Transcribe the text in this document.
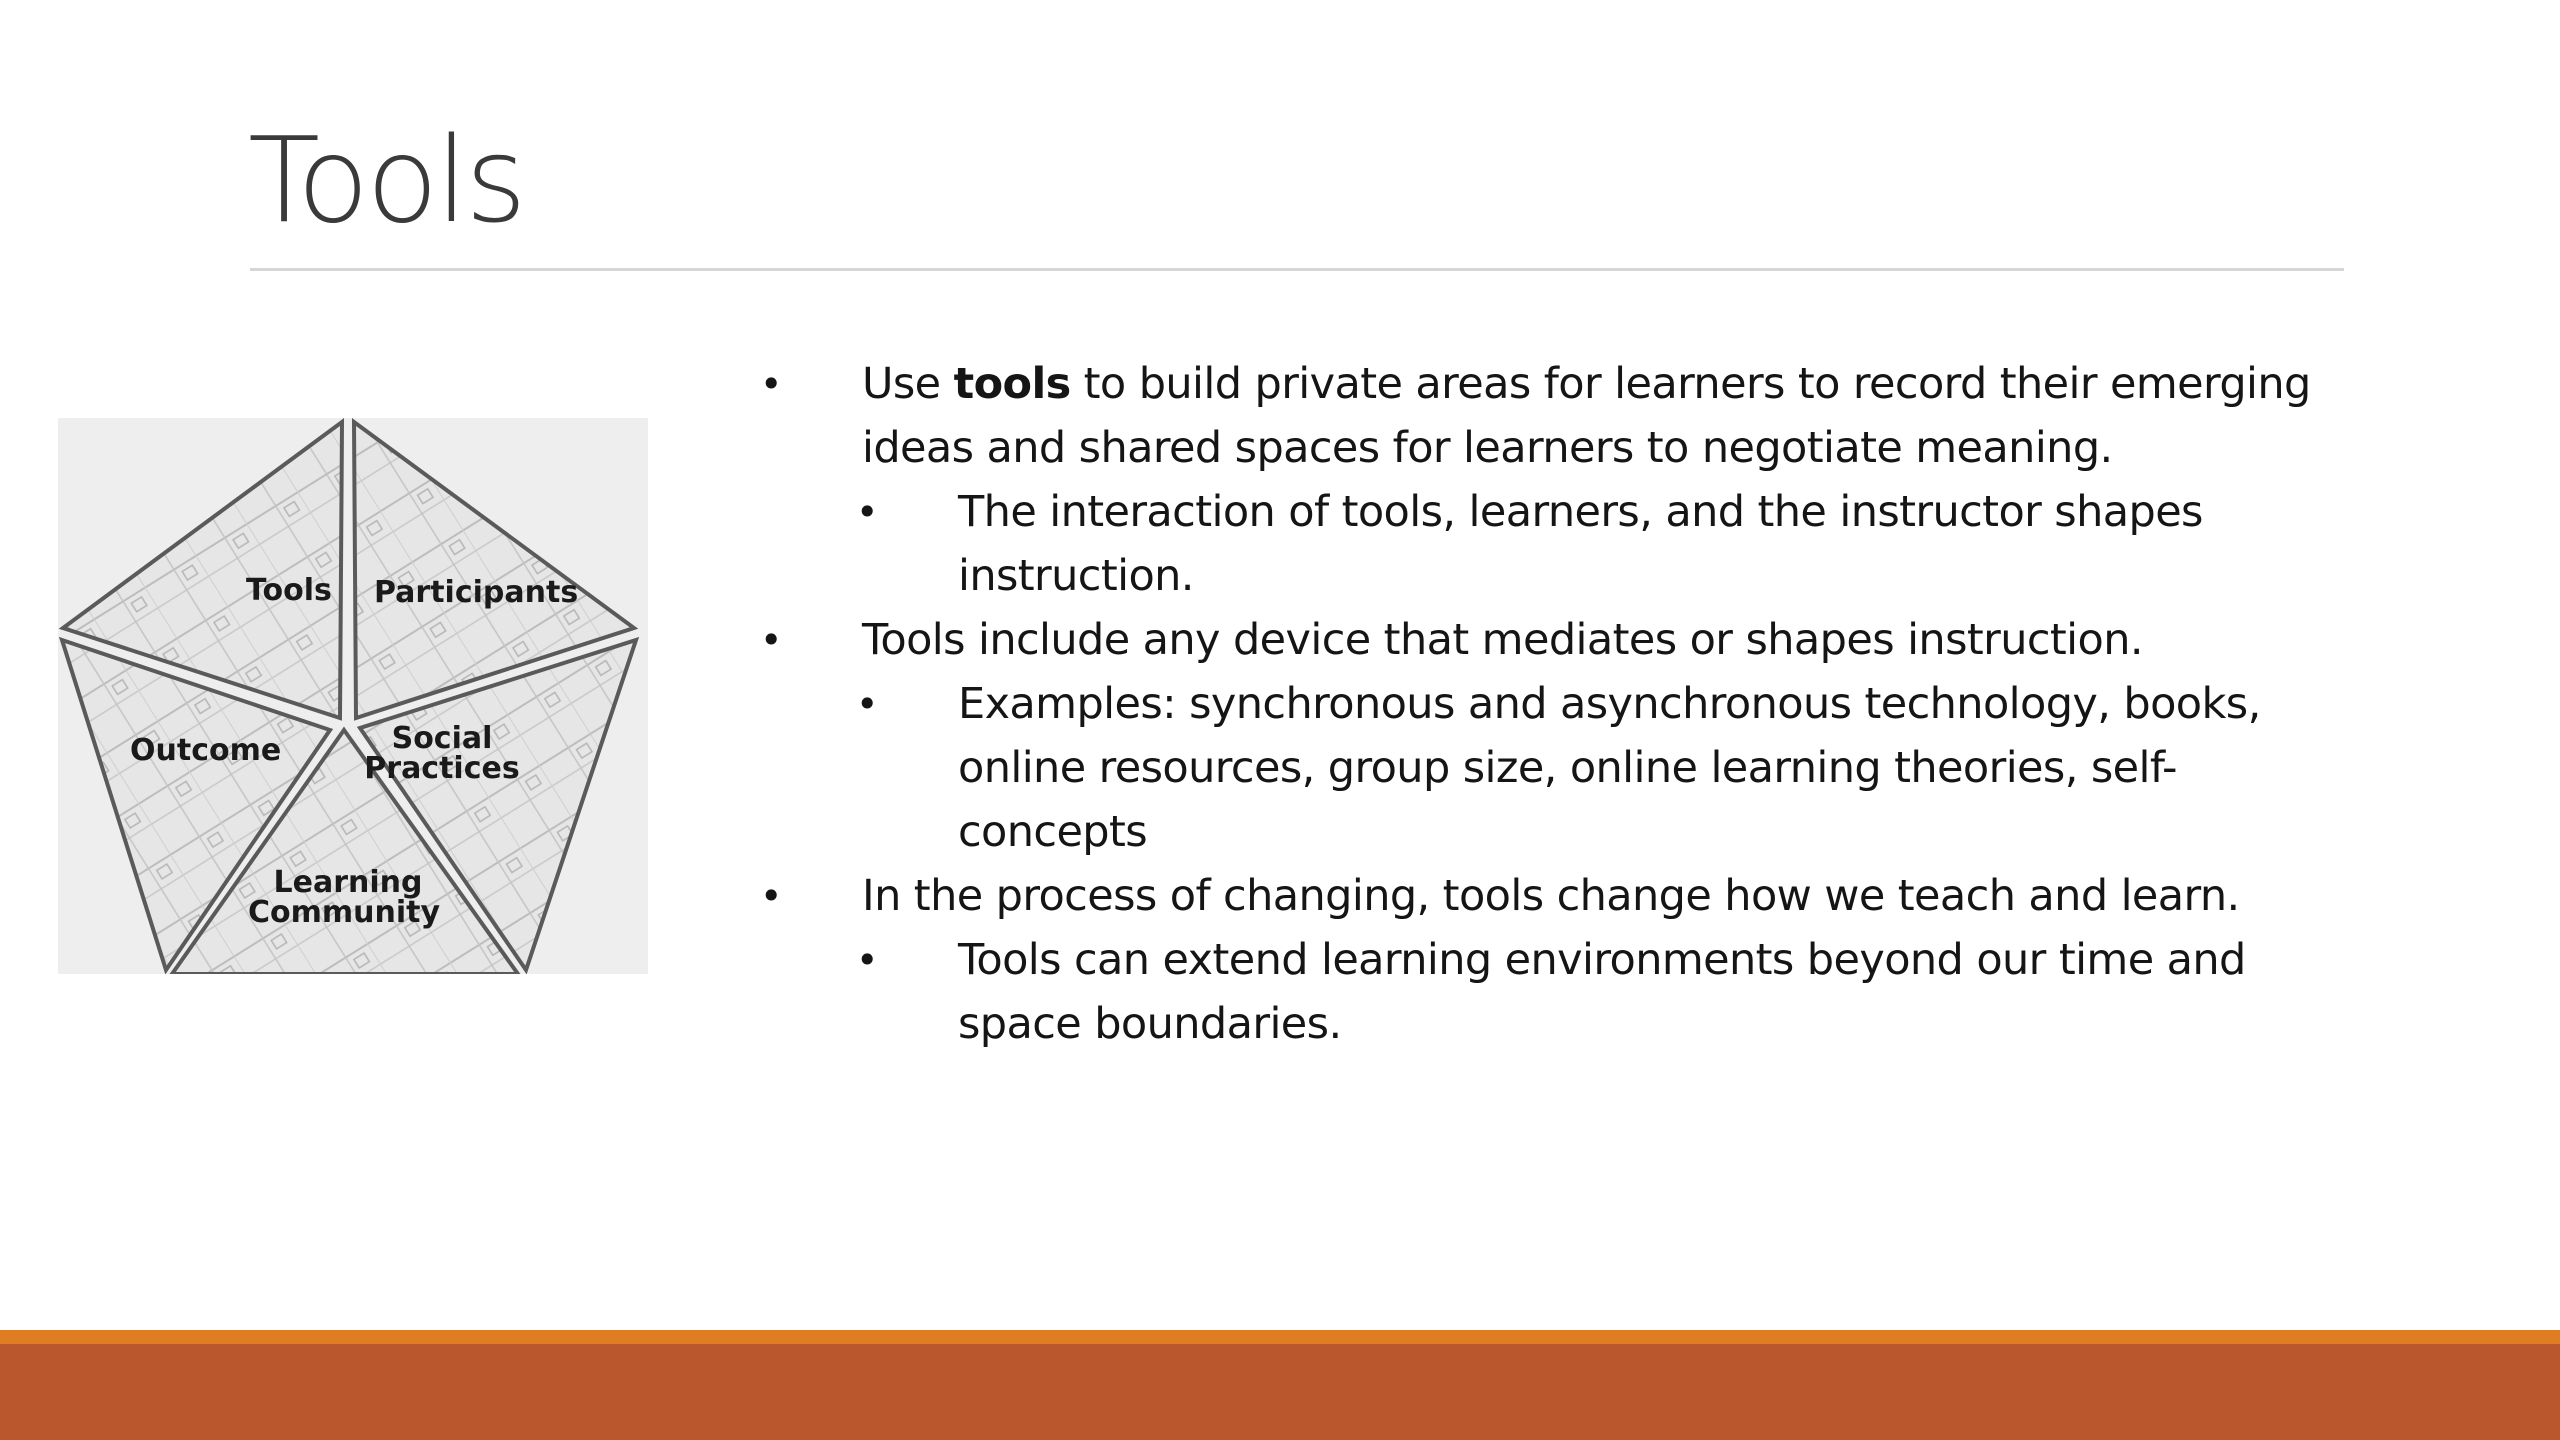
Tools
Tools Participants
Social
Practices
Outcome
Learning
Community
• Use tools to build private areas for learners to record their emerging ideas and shared spaces for learners to negotiate meaning.
• The interaction of tools, learners, and the instructor shapes instruction.
• Tools include any device that mediates or shapes instruction.
• Examples: synchronous and asynchronous technology, books, online resources, group size, online learning theories, self-concepts
• In the process of changing, tools change how we teach and learn.
• Tools can extend learning environments beyond our time and space boundaries.
